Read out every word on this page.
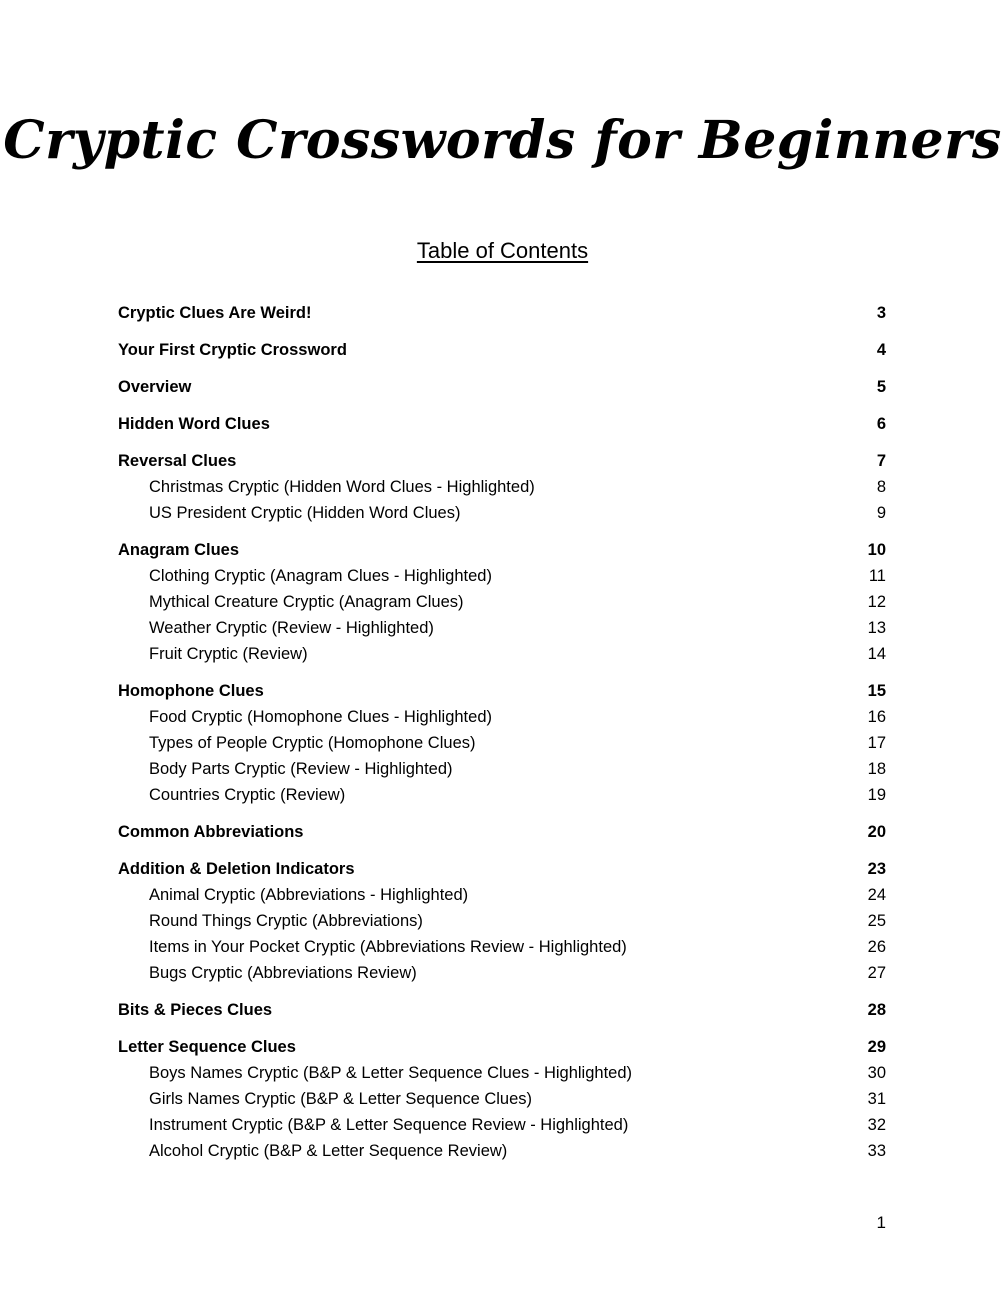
Cryptic Crosswords for Beginners
Table of Contents
Cryptic Clues Are Weird!	3
Your First Cryptic Crossword	4
Overview	5
Hidden Word Clues	6
Reversal Clues	7
Christmas Cryptic (Hidden Word Clues - Highlighted)	8
US President Cryptic (Hidden Word Clues)	9
Anagram Clues	10
Clothing Cryptic (Anagram Clues - Highlighted)	11
Mythical Creature Cryptic (Anagram Clues)	12
Weather Cryptic (Review - Highlighted)	13
Fruit Cryptic (Review)	14
Homophone Clues	15
Food Cryptic (Homophone Clues - Highlighted)	16
Types of People Cryptic (Homophone Clues)	17
Body Parts Cryptic (Review - Highlighted)	18
Countries Cryptic (Review)	19
Common Abbreviations	20
Addition & Deletion Indicators	23
Animal Cryptic (Abbreviations - Highlighted)	24
Round Things Cryptic (Abbreviations)	25
Items in Your Pocket Cryptic (Abbreviations Review - Highlighted)	26
Bugs Cryptic (Abbreviations Review)	27
Bits & Pieces Clues	28
Letter Sequence Clues	29
Boys Names Cryptic (B&P & Letter Sequence Clues - Highlighted)	30
Girls Names Cryptic (B&P & Letter Sequence Clues)	31
Instrument Cryptic (B&P & Letter Sequence Review - Highlighted)	32
Alcohol Cryptic (B&P & Letter Sequence Review)	33
1
